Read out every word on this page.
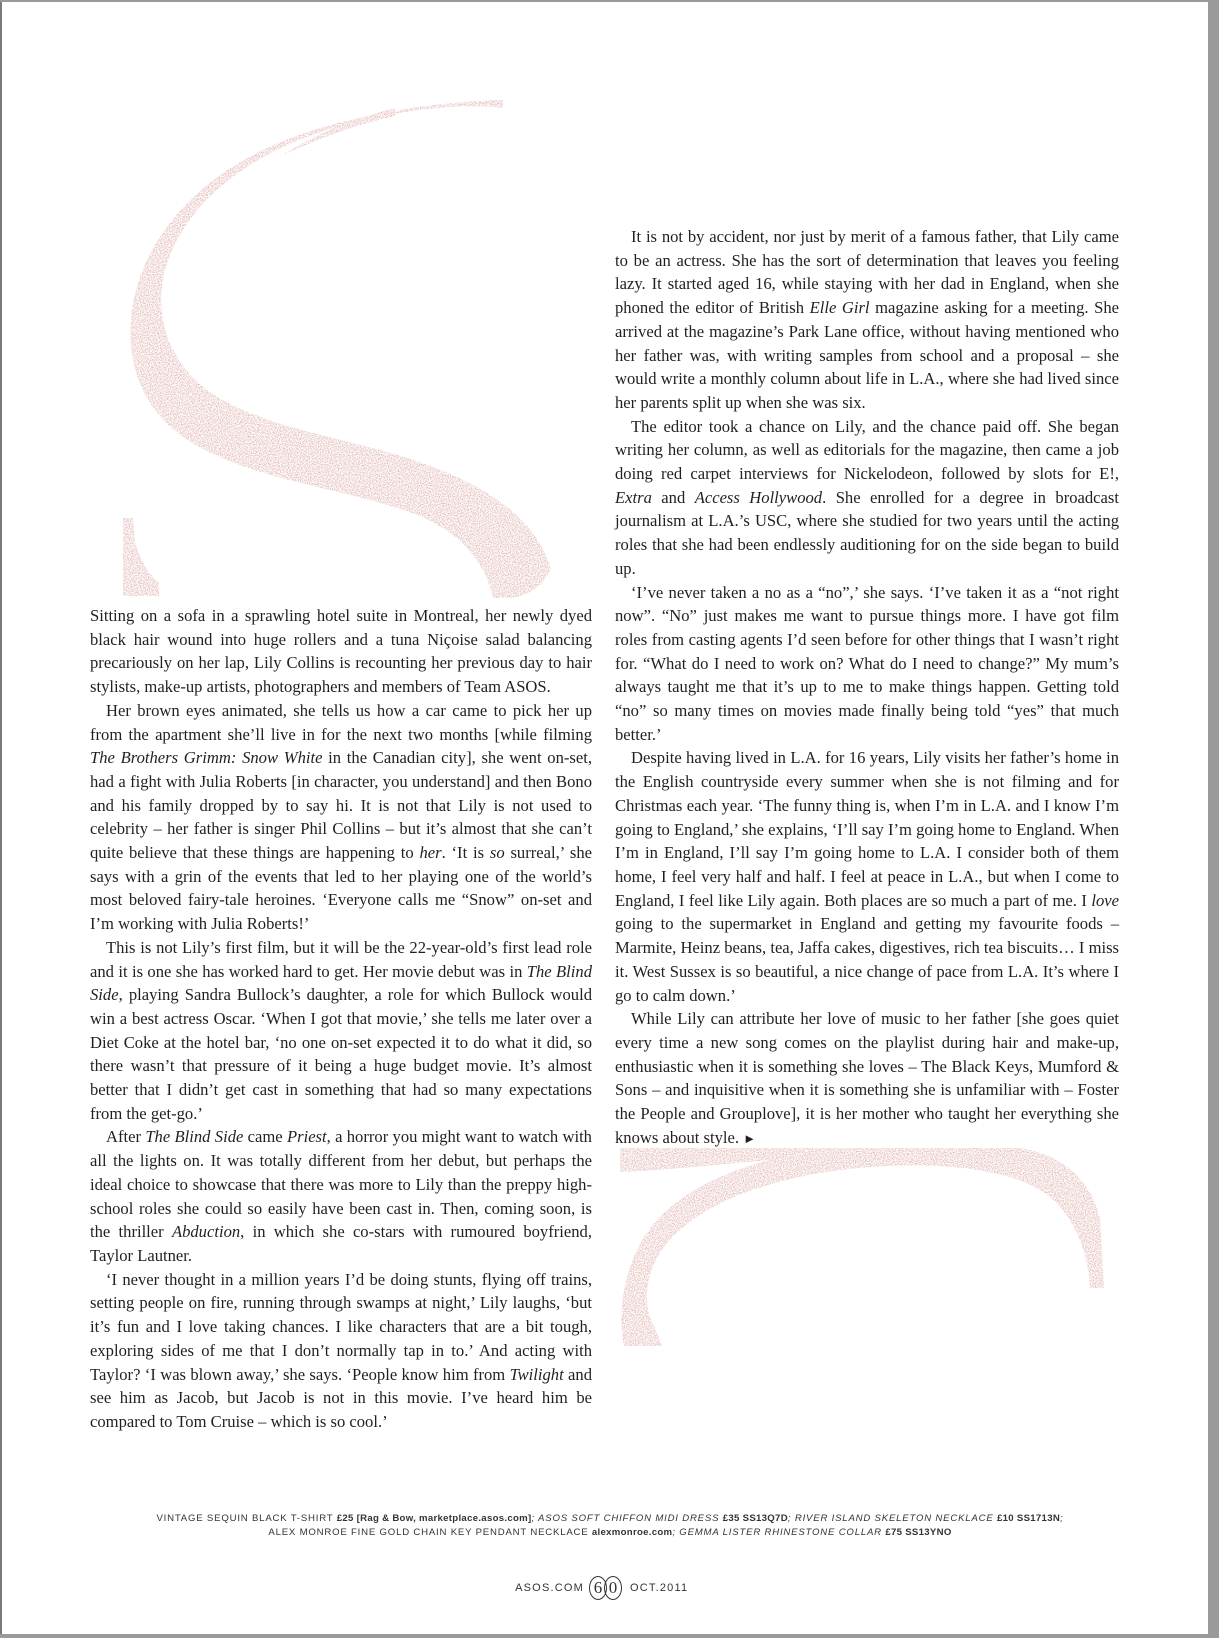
Sitting on a sofa in a sprawling hotel suite in Montreal, her newly dyed black hair wound into huge rollers and a tuna Niçoise salad balancing precariously on her lap, Lily Collins is recounting her previous day to hair stylists, make-up artists, photographers and members of Team ASOS.

Her brown eyes animated, she tells us how a car came to pick her up from the apartment she’ll live in for the next two months [while filming The Brothers Grimm: Snow White in the Canadian city], she went on-set, had a fight with Julia Roberts [in character, you understand] and then Bono and his family dropped by to say hi. It is not that Lily is not used to celebrity – her father is singer Phil Collins – but it’s almost that she can’t quite believe that these things are happening to her. ‘It is so surreal,’ she says with a grin of the events that led to her playing one of the world’s most beloved fairy-tale heroines. ‘Everyone calls me “Snow” on-set and I’m working with Julia Roberts!’

This is not Lily’s first film, but it will be the 22-year-old’s first lead role and it is one she has worked hard to get. Her movie debut was in The Blind Side, playing Sandra Bullock’s daughter, a role for which Bullock would win a best actress Oscar. ‘When I got that movie,’ she tells me later over a Diet Coke at the hotel bar, ‘no one on-set expected it to do what it did, so there wasn’t that pressure of it being a huge budget movie. It’s almost better that I didn’t get cast in something that had so many expectations from the get-go.’

After The Blind Side came Priest, a horror you might want to watch with all the lights on. It was totally different from her debut, but perhaps the ideal choice to showcase that there was more to Lily than the preppy high-school roles she could so easily have been cast in. Then, coming soon, is the thriller Abduction, in which she co-stars with rumoured boyfriend, Taylor Lautner.

‘I never thought in a million years I’d be doing stunts, flying off trains, setting people on fire, running through swamps at night,’ Lily laughs, ‘but it’s fun and I love taking chances. I like characters that are a bit tough, exploring sides of me that I don’t normally tap in to.’ And acting with Taylor? ‘I was blown away,’ she says. ‘People know him from Twilight and see him as Jacob, but Jacob is not in this movie. I’ve heard him be compared to Tom Cruise – which is so cool.’

It is not by accident, nor just by merit of a famous father, that Lily came to be an actress. She has the sort of determination that leaves you feeling lazy. It started aged 16, while staying with her dad in England, when she phoned the editor of British Elle Girl magazine asking for a meeting. She arrived at the magazine’s Park Lane office, without having mentioned who her father was, with writing samples from school and a proposal – she would write a monthly column about life in L.A., where she had lived since her parents split up when she was six.

The editor took a chance on Lily, and the chance paid off. She began writing her column, as well as editorials for the magazine, then came a job doing red carpet interviews for Nickelodeon, followed by slots for E!, Extra and Access Hollywood. She enrolled for a degree in broadcast journalism at L.A.’s USC, where she studied for two years until the acting roles that she had been endlessly auditioning for on the side began to build up.

‘I’ve never taken a no as a “no”,’ she says. ‘I’ve taken it as a “not right now”. “No” just makes me want to pursue things more. I have got film roles from casting agents I’d seen before for other things that I wasn’t right for. “What do I need to work on? What do I need to change?” My mum’s always taught me that it’s up to me to make things happen. Getting told “no” so many times on movies made finally being told “yes” that much better.’

Despite having lived in L.A. for 16 years, Lily visits her father’s home in the English countryside every summer when she is not filming and for Christmas each year. ‘The funny thing is, when I’m in L.A. and I know I’m going to England,’ she explains, ‘I’ll say I’m going home to England. When I’m in England, I’ll say I’m going home to L.A. I consider both of them home, I feel very half and half. I feel at peace in L.A., but when I come to England, I feel like Lily again. Both places are so much a part of me. I love going to the supermarket in England and getting my favourite foods – Marmite, Heinz beans, tea, Jaffa cakes, digestives, rich tea biscuits… I miss it. West Sussex is so beautiful, a nice change of pace from L.A. It’s where I go to calm down.’

While Lily can attribute her love of music to her father [she goes quiet every time a new song comes on the playlist during hair and make-up, enthusiastic when it is something she loves – The Black Keys, Mumford & Sons – and inquisitive when it is something she is unfamiliar with – Foster the People and Grouplove], it is her mother who taught her everything she knows about style. ►

VINTAGE SEQUIN BLACK T-SHIRT £25 [Rag & Bow, marketplace.asos.com]; ASOS SOFT CHIFFON MIDI DRESS £35 SS13Q7D; RIVER ISLAND SKELETON NECKLACE £10 SS1713N;
ALEX MONROE FINE GOLD CHAIN KEY PENDANT NECKLACE alexmonroe.com; GEMMA LISTER RHINESTONE COLLAR £75 SS13YNO
ASOS.COM 6 0	OCT.2011
